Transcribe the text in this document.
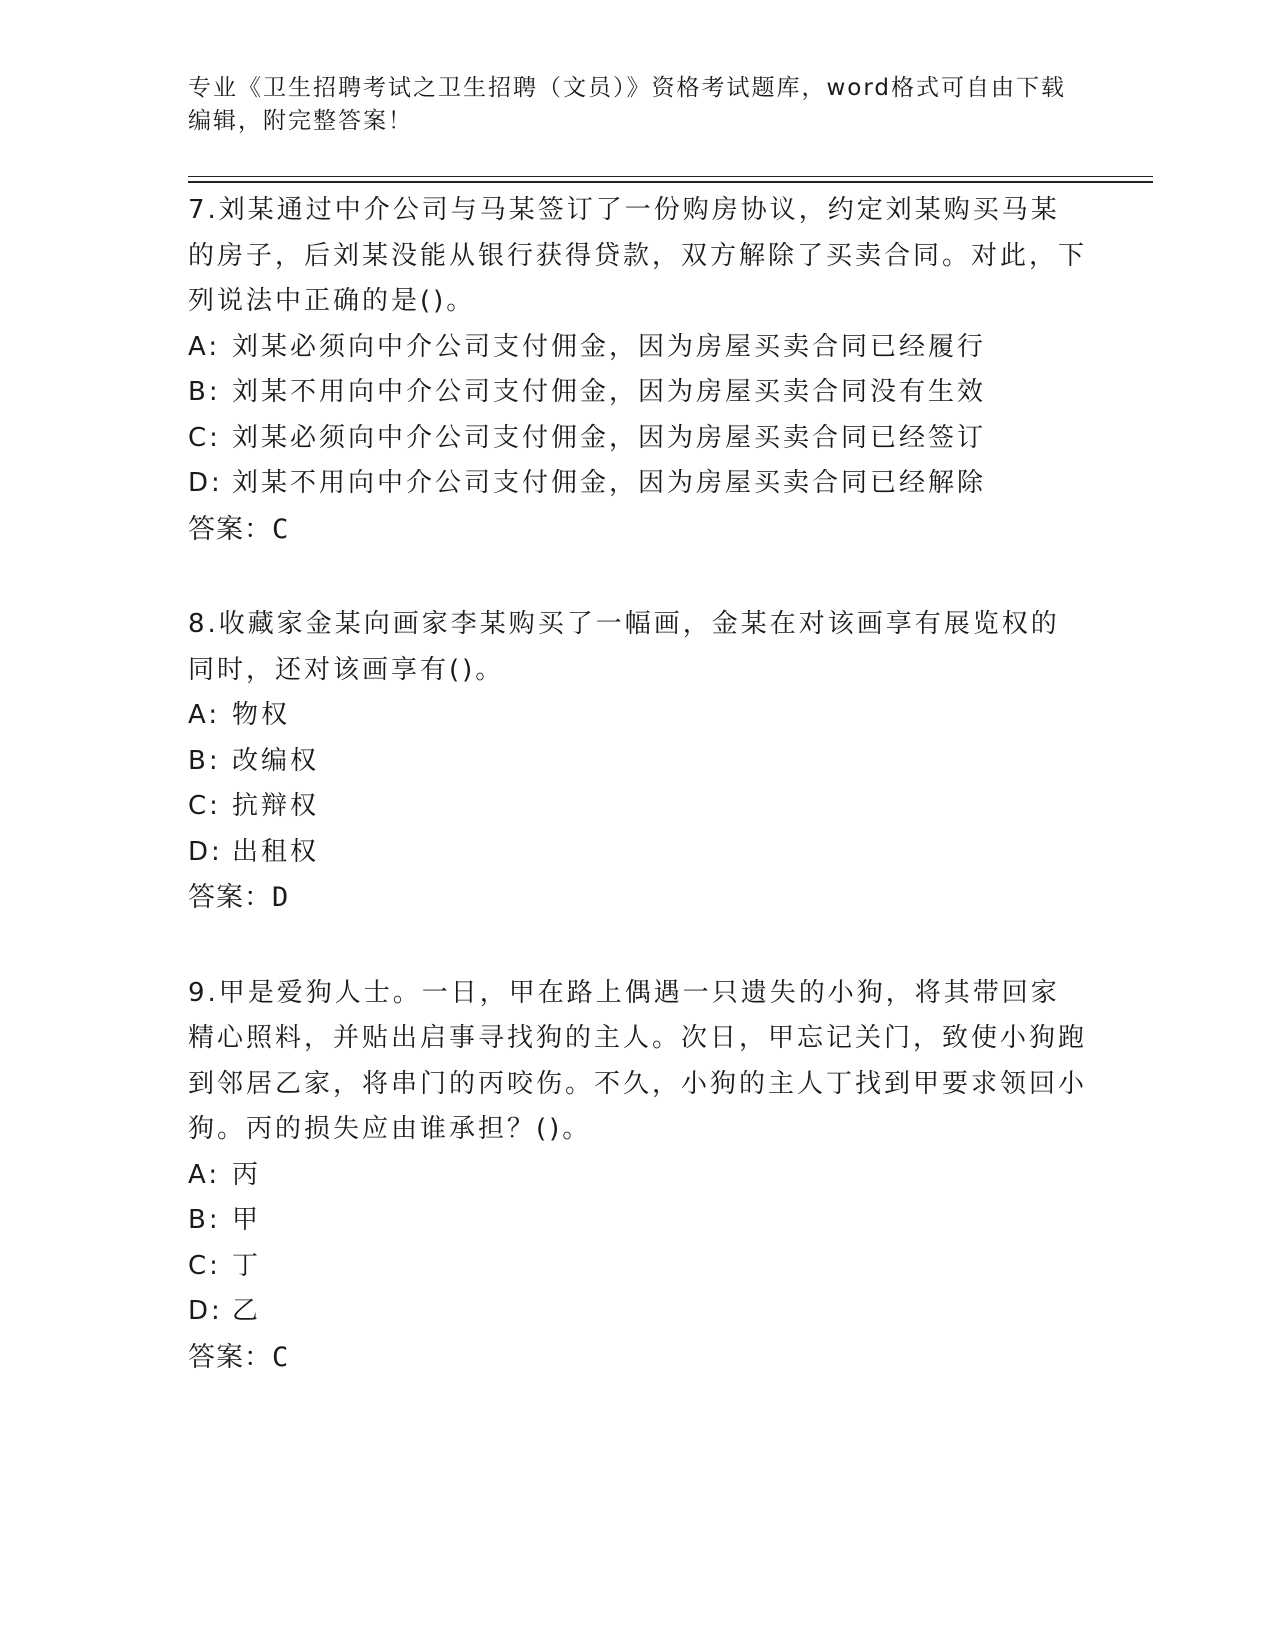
专业《卫生招聘考试之卫生招聘（文员）》资格考试题库，word格式可自由下载编辑，附完整答案！

7.刘某通过中介公司与马某签订了一份购房协议，约定刘某购买马某的房子，后刘某没能从银行获得贷款，双方解除了买卖合同。对此，下列说法中正确的是()。

A: 刘某必须向中介公司支付佣金，因为房屋买卖合同已经履行

B: 刘某不用向中介公司支付佣金，因为房屋买卖合同没有生效

C: 刘某必须向中介公司支付佣金，因为房屋买卖合同已经签订

D: 刘某不用向中介公司支付佣金，因为房屋买卖合同已经解除

答案：C

8.收藏家金某向画家李某购买了一幅画，金某在对该画享有展览权的同时，还对该画享有()。

A: 物权

B: 改编权

C: 抗辩权

D: 出租权

答案：D

9.甲是爱狗人士。一日，甲在路上偶遇一只遗失的小狗，将其带回家精心照料，并贴出启事寻找狗的主人。次日，甲忘记关门，致使小狗跑到邻居乙家，将串门的丙咬伤。不久，小狗的主人丁找到甲要求领回小狗。丙的损失应由谁承担？()。

A: 丙

B: 甲

C: 丁

D: 乙

答案：C
